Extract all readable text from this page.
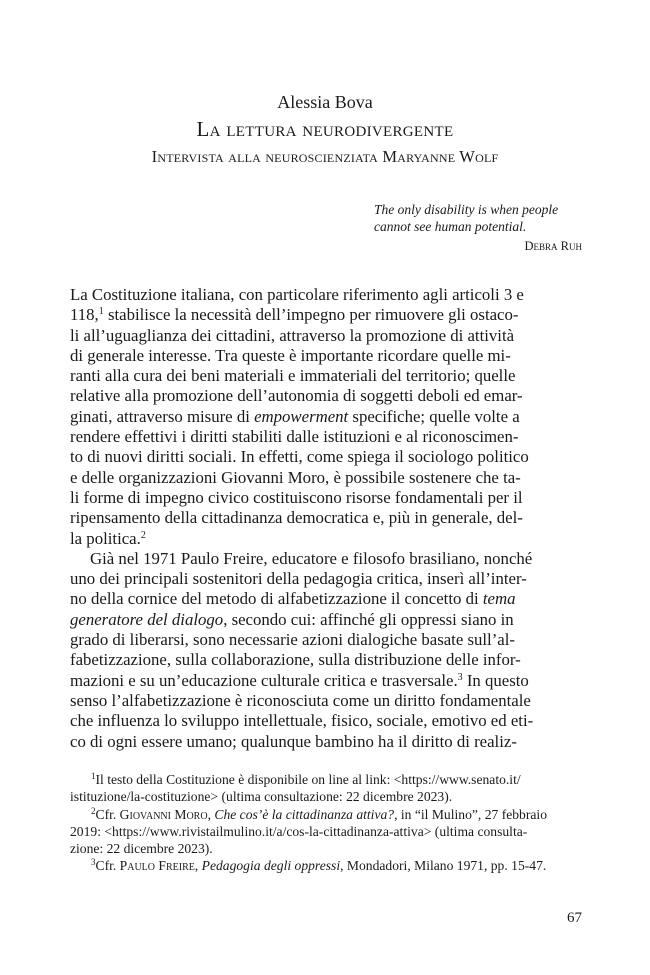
Alessia Bova
La lettura neurodivergente
Intervista alla neuroscienziata Maryanne Wolf
The only disability is when people
cannot see human potential.
Debra Ruh
La Costituzione italiana, con particolare riferimento agli articoli 3 e
118,$^1$ stabilisce la necessità dell’impegno per rimuovere gli ostaco-
li all’uguaglianza dei cittadini, attraverso la promozione di attività
di generale interesse. Tra queste è importante ricordare quelle mi-
ranti alla cura dei beni materiali e immateriali del territorio; quelle
relative alla promozione dell’autonomia di soggetti deboli ed emar-
ginati, attraverso misure di empowerment specifiche; quelle volte a
rendere effettivi i diritti stabiliti dalle istituzioni e al riconoscimen-
to di nuovi diritti sociali. In effetti, come spiega il sociologo politico
e delle organizzazioni Giovanni Moro, è possibile sostenere che ta-
li forme di impegno civico costituiscono risorse fondamentali per il
ripensamento della cittadinanza democratica e, più in generale, del-
la politica.$^2$
Già nel 1971 Paulo Freire, educatore e filosofo brasiliano, nonché
uno dei principali sostenitori della pedagogia critica, inserì all’inter-
no della cornice del metodo di alfabetizzazione il concetto di tema
generatore del dialogo, secondo cui: affinché gli oppressi siano in
grado di liberarsi, sono necessarie azioni dialogiche basate sull’al-
fabetizzazione, sulla collaborazione, sulla distribuzione delle infor-
mazioni e su un’educazione culturale critica e trasversale.$^3$ In questo
senso l’alfabetizzazione è riconosciuta come un diritto fondamentale
che influenza lo sviluppo intellettuale, fisico, sociale, emotivo ed eti-
co di ogni essere umano; qualunque bambino ha il diritto di realiz-
$^1$Il testo della Costituzione è disponibile on line al link: <https://www.senato.it/
istituzione/la-costituzione> (ultima consultazione: 22 dicembre 2023).
$^2$Cfr. Giovanni Moro, Che cos’è la cittadinanza attiva?, in “il Mulino”, 27 febbraio
2019: <https://www.rivistailmulino.it/a/cos-la-cittadinanza-attiva> (ultima consulta-
zione: 22 dicembre 2023).
$^3$Cfr. Paulo Freire, Pedagogia degli oppressi, Mondadori, Milano 1971, pp. 15-47.
67
